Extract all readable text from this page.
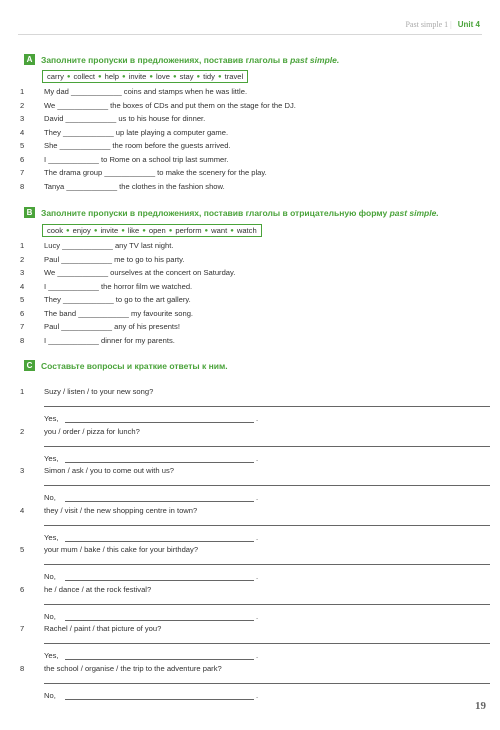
Past simple 1 | Unit 4
A Заполните пропуски в предложениях, поставив глаголы в past simple.
carry ● collect ● help ● invite ● love ● stay ● tidy ● travel
1	My dad ____________ coins and stamps when he was little.
2	We ____________ the boxes of CDs and put them on the stage for the DJ.
3	David ____________ us to his house for dinner.
4	They ____________ up late playing a computer game.
5	She ____________ the room before the guests arrived.
6	I ____________ to Rome on a school trip last summer.
7	The drama group ____________ to make the scenery for the play.
8	Tanya ____________ the clothes in the fashion show.
B Заполните пропуски в предложениях, поставив глаголы в отрицательную форму past simple.
cook ● enjoy ● invite ● like ● open ● perform ● want ● watch
1	Lucy ____________ any TV last night.
2	Paul ____________ me to go to his party.
3	We ____________ ourselves at the concert on Saturday.
4	I ____________ the horror film we watched.
5	They ____________ to go to the art gallery.
6	The band ____________ my favourite song.
7	Paul ____________ any of his presents!
8	I ____________ dinner for my parents.
C Составьте вопросы и краткие ответы к ним.
1	Suzy / listen / to your new song?
Yes,	.
2	you / order / pizza for lunch?
Yes,	.
3	Simon / ask / you to come out with us?
No,	.
4	they / visit / the new shopping centre in town?
Yes,	.
5	your mum / bake / this cake for your birthday?
No,	.
6	he / dance / at the rock festival?
No,	.
7	Rachel / paint / that picture of you?
Yes,	.
8	the school / organise / the trip to the adventure park?
No,	.
19
